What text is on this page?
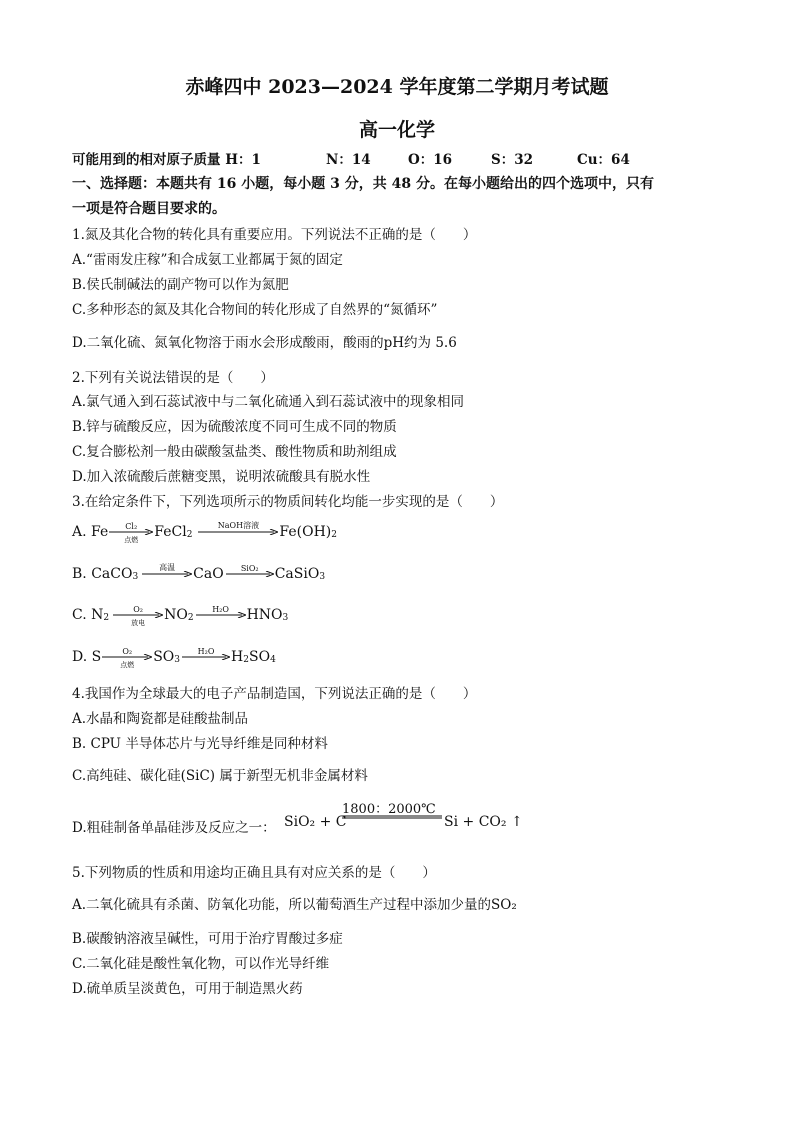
赤峰四中 2023—2024 学年度第二学期月考试题
高一化学
可能用到的相对原子质量 H：1	N：14	O：16	S：32	Cu：64
一、选择题：本题共有 16 小题，每小题 3 分，共 48 分。在每小题给出的四个选项中，只有
一项是符合题目要求的。
1.氮及其化合物的转化具有重要应用。下列说法不正确的是（　　）
A.“雷雨发庄稼”和合成氨工业都属于氮的固定
B.侯氏制碱法的副产物可以作为氮肥
C.多种形态的氮及其化合物间的转化形成了自然界的“氮循环”
D.二氧化硫、氮氧化物溶于雨水会形成酸雨，酸雨的pH约为 5.6
2.下列有关说法错误的是（　　）
A.氯气通入到石蕊试液中与二氧化硫通入到石蕊试液中的现象相同
B.锌与硫酸反应，因为硫酸浓度不同可生成不同的物质
C.复合膨松剂一般由碳酸氢盐类、酸性物质和助剂组成
D.加入浓硫酸后蔗糖变黑，说明浓硫酸具有脱水性
3.在给定条件下，下列选项所示的物质间转化均能一步实现的是（　　）
A. Fe	Cl₂
点燃	FeCl$_2$
NaOH溶液	$Fe(OH)_2$
B. CaCO$_3$
高温	CaO	SiO₂	CaSiO$_3$
C. $N_2$
O₂
放电	$NO_2$
H₂O	$HNO_3$
D. S	O₂
点燃	$SO_3$
H₂O	$H_2$ $SO_4$
4.我国作为全球最大的电子产品制造国，下列说法正确的是（　　）
A.水晶和陶瓷都是硅酸盐制品
B. CPU 半导体芯片与光导纤维是同种材料
C.高纯硅、碳化硅(SiC) 属于新型无机非金属材料
D.粗硅制备单晶硅涉及反应之一： SiO₂ + C
1800：2000℃
Si + CO₂ ↑
5.下列物质的性质和用途均正确且具有对应关系的是（　　）
A.二氧化硫具有杀菌、防氧化功能，所以葡萄酒生产过程中添加少量的SO₂
B.碳酸钠溶液呈碱性，可用于治疗胃酸过多症
C.二氧化硅是酸性氧化物，可以作光导纤维
D.硫单质呈淡黄色，可用于制造黑火药
